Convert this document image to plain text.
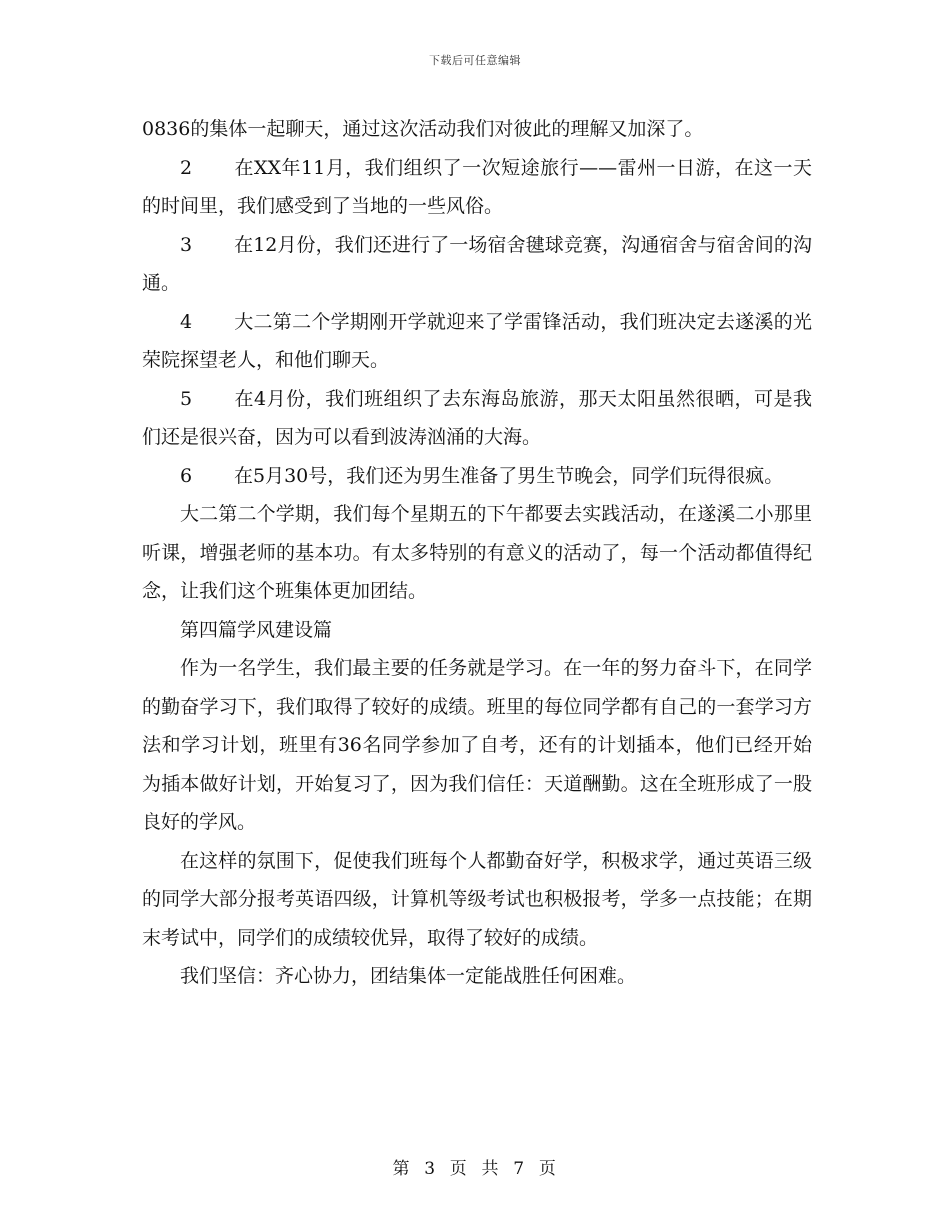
下载后可任意编辑

0836的集体一起聊天，通过这次活动我们对彼此的理解又加深了。

2 在XX年11月，我们组织了一次短途旅行——雷州一日游，在这一天的时间里，我们感受到了当地的一些风俗。

3 在12月份，我们还进行了一场宿舍毽球竞赛，沟通宿舍与宿舍间的沟通。

4 大二第二个学期刚开学就迎来了学雷锋活动，我们班决定去遂溪的光荣院探望老人，和他们聊天。

5 在4月份，我们班组织了去东海岛旅游，那天太阳虽然很晒，可是我们还是很兴奋，因为可以看到波涛汹涌的大海。

6 在5月30号，我们还为男生准备了男生节晚会，同学们玩得很疯。

大二第二个学期，我们每个星期五的下午都要去实践活动，在遂溪二小那里听课，增强老师的基本功。有太多特别的有意义的活动了，每一个活动都值得纪念，让我们这个班集体更加团结。

第四篇学风建设篇

作为一名学生，我们最主要的任务就是学习。在一年的努力奋斗下，在同学的勤奋学习下，我们取得了较好的成绩。班里的每位同学都有自己的一套学习方法和学习计划，班里有36名同学参加了自考，还有的计划插本，他们已经开始为插本做好计划，开始复习了，因为我们信任：天道酬勤。这在全班形成了一股良好的学风。

在这样的氛围下，促使我们班每个人都勤奋好学，积极求学，通过英语三级的同学大部分报考英语四级，计算机等级考试也积极报考，学多一点技能；在期末考试中，同学们的成绩较优异，取得了较好的成绩。

我们坚信：齐心协力，团结集体一定能战胜任何困难。

第 3 页 共 7 页
